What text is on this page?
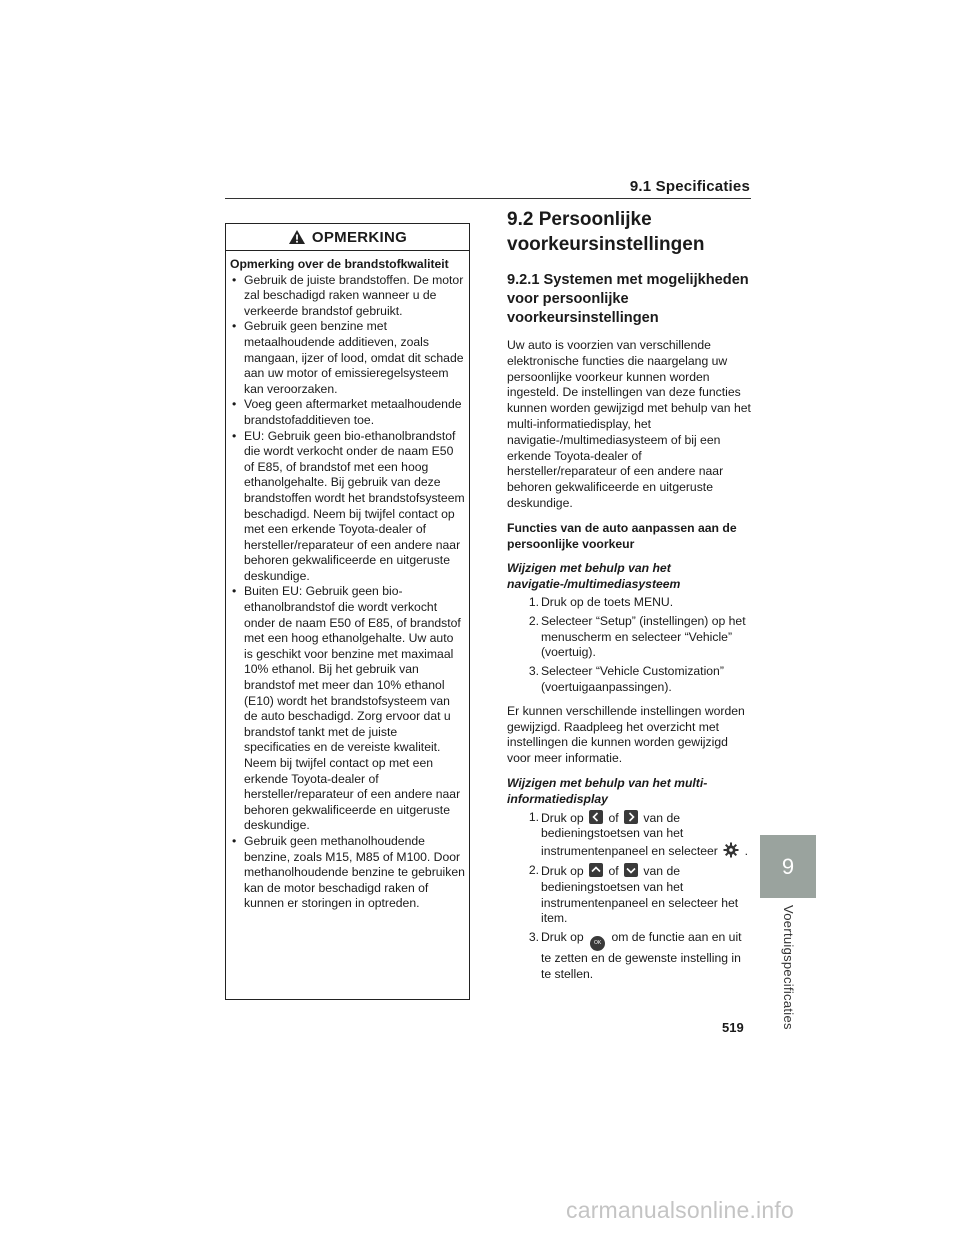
9.1 Specificaties
OPMERKING
Opmerking over de brandstofkwaliteit
• Gebruik de juiste brandstoffen. De motor zal beschadigd raken wanneer u de verkeerde brandstof gebruikt.
• Gebruik geen benzine met metaalhoudende additieven, zoals mangaan, ijzer of lood, omdat dit schade aan uw motor of emissieregelsysteem kan veroorzaken.
• Voeg geen aftermarket metaalhoudende brandstofadditieven toe.
• EU: Gebruik geen bio-ethanolbrandstof die wordt verkocht onder de naam E50 of E85, of brandstof met een hoog ethanolgehalte. Bij gebruik van deze brandstoffen wordt het brandstofsysteem beschadigd. Neem bij twijfel contact op met een erkende Toyota-dealer of hersteller/reparateur of een andere naar behoren gekwalificeerde en uitgeruste deskundige.
• Buiten EU: Gebruik geen bio-ethanolbrandstof die wordt verkocht onder de naam E50 of E85, of brandstof met een hoog ethanolgehalte. Uw auto is geschikt voor benzine met maximaal 10% ethanol. Bij het gebruik van brandstof met meer dan 10% ethanol (E10) wordt het brandstofsysteem van de auto beschadigd. Zorg ervoor dat u brandstof tankt met de juiste specificaties en de vereiste kwaliteit. Neem bij twijfel contact op met een erkende Toyota-dealer of hersteller/reparateur of een andere naar behoren gekwalificeerde en uitgeruste deskundige.
• Gebruik geen methanolhoudende benzine, zoals M15, M85 of M100. Door methanolhoudende benzine te gebruiken kan de motor beschadigd raken of kunnen er storingen in optreden.
9.2 Persoonlijke voorkeursinstellingen
9.2.1 Systemen met mogelijkheden voor persoonlijke voorkeursinstellingen

Uw auto is voorzien van verschillende elektronische functies die naargelang uw persoonlijke voorkeur kunnen worden ingesteld. De instellingen van deze functies kunnen worden gewijzigd met behulp van het multi-informatiedisplay, het navigatie-/multimediasysteem of bij een erkende Toyota-dealer of hersteller/reparateur of een andere naar behoren gekwalificeerde en uitgeruste deskundige.

Functies van de auto aanpassen aan de persoonlijke voorkeur

Wijzigen met behulp van het navigatie-/multimediasysteem

1. Druk op de toets MENU.
2. Selecteer “Setup” (instellingen) op het menuscherm en selecteer “Vehicle” (voertuig).
3. Selecteer “Vehicle Customization” (voertuigaanpassingen).

Er kunnen verschillende instellingen worden gewijzigd. Raadpleeg het overzicht met instellingen die kunnen worden gewijzigd voor meer informatie.

Wijzigen met behulp van het multi-informatiedisplay

1. Druk op of van de bedieningstoetsen van het instrumentenpaneel en selecteer .
2. Druk op of van de bedieningstoetsen van het instrumentenpaneel en selecteer het item.
3. Druk op OK om de functie aan en uit te zetten en de gewenste instelling in te stellen.
9
Voertuigspecificaties
519
carmanualsonline.info
